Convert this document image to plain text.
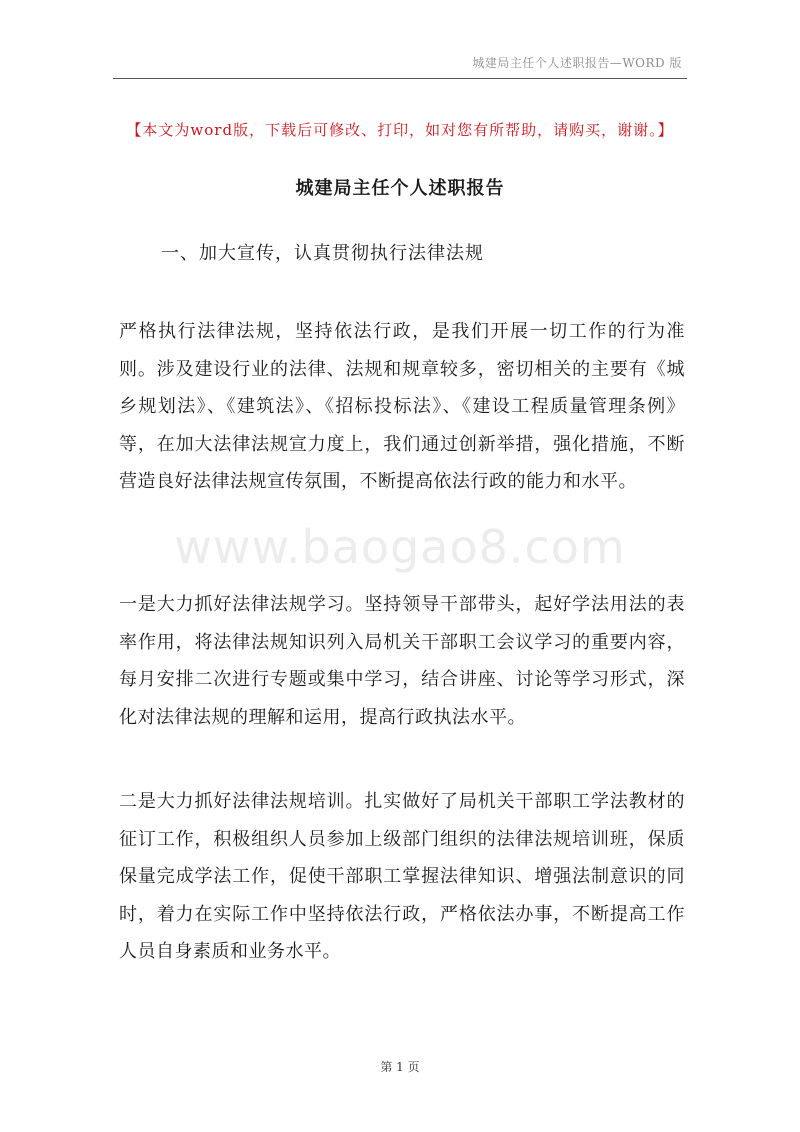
城建局主任个人述职报告—WORD 版
【本文为word版，下载后可修改、打印，如对您有所帮助，请购买，谢谢。】
城建局主任个人述职报告
一、加大宣传，认真贯彻执行法律法规
www.baogao8.com

严格执行法律法规，坚持依法行政，是我们开展一切工作的行为准则。涉及建设行业的法律、法规和规章较多，密切相关的主要有《城乡规划法》、《建筑法》、《招标投标法》、《建设工程质量管理条例》等，在加大法律法规宣力度上，我们通过创新举措，强化措施，不断营造良好法律法规宣传氛围，不断提高依法行政的能力和水平。

一是大力抓好法律法规学习。坚持领导干部带头，起好学法用法的表率作用，将法律法规知识列入局机关干部职工会议学习的重要内容，每月安排二次进行专题或集中学习，结合讲座、讨论等学习形式，深化对法律法规的理解和运用，提高行政执法水平。

二是大力抓好法律法规培训。扎实做好了局机关干部职工学法教材的征订工作，积极组织人员参加上级部门组织的法律法规培训班，保质保量完成学法工作，促使干部职工掌握法律知识、增强法制意识的同时，着力在实际工作中坚持依法行政，严格依法办事，不断提高工作人员自身素质和业务水平。

第 1 页
